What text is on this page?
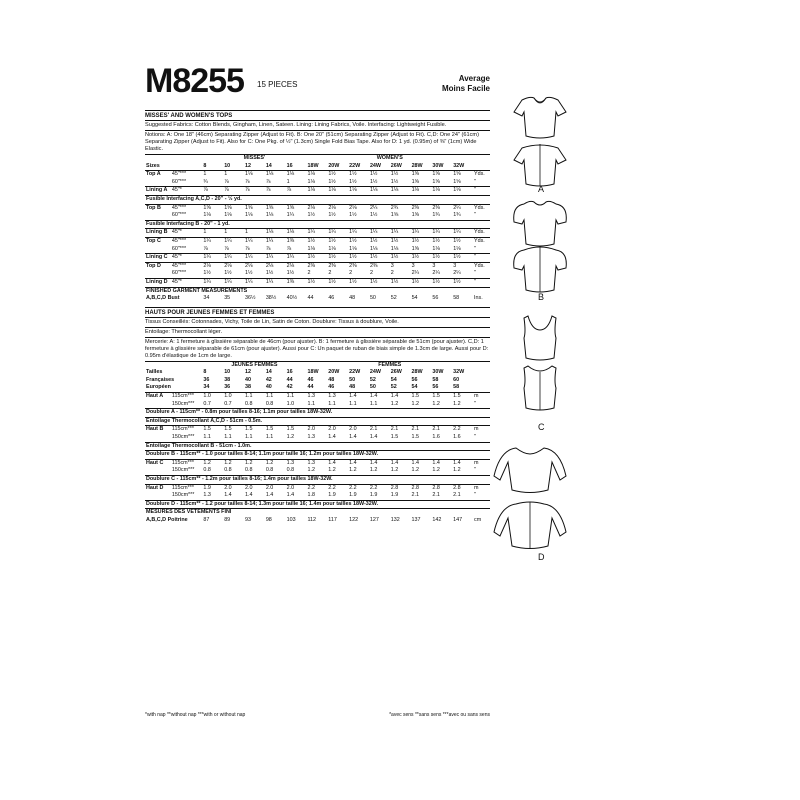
M8255 15 PIECES
Average
Moins Facile
MISSES' AND WOMEN'S TOPS
Suggested Fabrics: Cotton Blends, Gingham, Linen, Sateen. Lining: Lining Fabrics, Voile. Interfacing: Lightweight Fusible.
Notions: A: One 18" (46cm) Separating Zipper (Adjust to Fit). B: One 20" (51cm) Separating Zipper (Adjust to Fit). C,D: One 24" (61cm) Separating Zipper (Adjust to Fit). Also for C: One Pkg. of ½" (1.3cm) Single Fold Bias Tape. Also for D: 1 yd. (0.95m) of ⅜" (1cm) Wide Elastic.
		MISSES'					WOMEN'S								
Sizes		8	10	12	14	16	18W	20W	22W	24W	26W	28W	30W	32W	
Top A	45"***	1	1	1⅛	1⅛	1⅛	1⅛	1½	1½	1½	1½	1⅝	1⅝	1⅝	Yds.
	60"***	¾	⅞	⅞	⅞	1	1⅛	1½	1½	1½	1½	1⅝	1⅝	1⅝	"
Lining A	45"*	⅞	⅞	⅞	⅞	⅞	1⅛	1⅛	1⅛	1⅛	1⅛	1⅛	1⅛	1⅛	"
Fusible Interfacing A,C,D - 20" - ½ yd.															
Top B	45"***	1⅝	1⅝	1⅝	1⅝	1⅝	2⅛	2⅛	2⅛	2¼	2¾	2⅜	2⅜	2¼	Yds.
	60"***	1⅛	1⅛	1⅛	1⅛	1¼	1½	1½	1½	1½	1⅝	1⅝	1¾	1¾	"
Fusible Interfacing B - 20" - 1 yd.															
Lining B	45"*	1	1	1	1⅛	1⅛	1¼	1¼	1¼	1¼	1¼	1¼	1¼	1¼	Yds.
Top C	45"***	1¼	1¼	1¼	1¼	1⅜	1½	1½	1½	1½	1½	1½	1½	1½	Yds.
	60"***	⅞	⅞	⅞	⅞	⅞	1⅛	1⅛	1⅛	1⅛	1⅛	1⅝	1⅛	1⅛	"
Lining C	45"*	1¼	1¼	1¼	1¼	1¼	1½	1½	1½	1½	1½	1½	1½	1½	"
Top D	45"***	2⅛	2⅛	2⅛	2⅛	2⅛	2⅜	2⅜	2⅜	2⅜	3	3	3	3	Yds.
	60"***	1½	1½	1½	1½	1½	2	2	2	2	2	2¼	2¼	2¼	"
Lining D	45"*	1¼	1¼	1¼	1¼	1⅜	1½	1½	1½	1½	1½	1½	1½	1½	"
FINISHED GARMENT MEASUREMENTS															
A,B,C,D Bust		34	35	36½	38½	40½	44	46	48	50	52	54	56	58	Ins.
HAUTS POUR JEUNES FEMMES ET FEMMES
Tissus Conseillés: Cotonnades, Vichy, Toile de Lin, Satin de Coton. Doublure: Tissus à doublure, Voile.
Entoilage: Thermocollant léger.
Mercerie: A: 1 fermeture à glissière séparable de 46cm (pour ajuster). B: 1 fermeture à glissière séparable de 51cm (pour ajuster). C,D: 1 fermeture à glissière séparable de 61cm (pour ajuster). Aussi pour C: Un paquet de ruban de biais simple de 1.3cm de large. Aussi pour D: 0.95m d'élastique de 1cm de large.
		JEUNES FEMMES					FEMMES								
Tailles		8	10	12	14	16	18W	20W	22W	24W	26W	28W	30W	32W	
Françaises		36	38	40	42	44	46	48	50	52	54	56	58	60	
Européen		34	36	38	40	42	44	46	48	50	52	54	56	58	
Haut A	115cm***	1.0	1.0	1.1	1.1	1.1	1.3	1.3	1.4	1.4	1.4	1.5	1.5	1.5	m
	150cm***	0.7	0.7	0.8	0.8	1.0	1.1	1.1	1.1	1.1	1.2	1.2	1.2	1.2	"
Doublure A - 115cm** - 0.8m pour tailles 8-16; 1.1m pour tailles 18W-32W.															
Entoilage Thermocollant A,C,D - 51cm - 0.5m.															
Haut B	115cm***	1.5	1.5	1.5	1.5	1.5	2.0	2.0	2.0	2.1	2.1	2.1	2.1	2.2	m
	150cm***	1.1	1.1	1.1	1.1	1.2	1.3	1.4	1.4	1.4	1.5	1.5	1.6	1.6	"
Entoilage Thermocollant B - 51cm - 1.0m.															
Doublure B - 115cm** - 1.0 pour tailles 8-14; 1.1m pour taille 16; 1.2m pour tailles 18W-32W.															
Haut C	115cm***	1.2	1.2	1.2	1.2	1.3	1.3	1.4	1.4	1.4	1.4	1.4	1.4	1.4	m
	150cm***	0.8	0.8	0.8	0.8	0.8	1.2	1.2	1.2	1.2	1.2	1.2	1.2	1.2	"
Doublure C - 115cm** - 1.2m pour tailles 8-16; 1.4m pour tailles 18W-32W.															
Haut D	115cm***	1.9	2.0	2.0	2.0	2.0	2.2	2.2	2.2	2.2	2.8	2.8	2.8	2.8	m
	150cm***	1.3	1.4	1.4	1.4	1.4	1.8	1.9	1.9	1.9	1.9	2.1	2.1	2.1	"
Doublure D - 115cm** - 1.2 pour tailles 8-14; 1.3m pour taille 16; 1.4m pour tailles 18W-32W.															
MESURES DES VÊTEMENTS FINI															
A,B,C,D Poitrine		87	89	93	98	103	112	117	122	127	132	137	142	147	cm
*with nap **without nap ***with or without nap	*avec sens **sans sens ***avec ou sans sens
A
B
C
D
